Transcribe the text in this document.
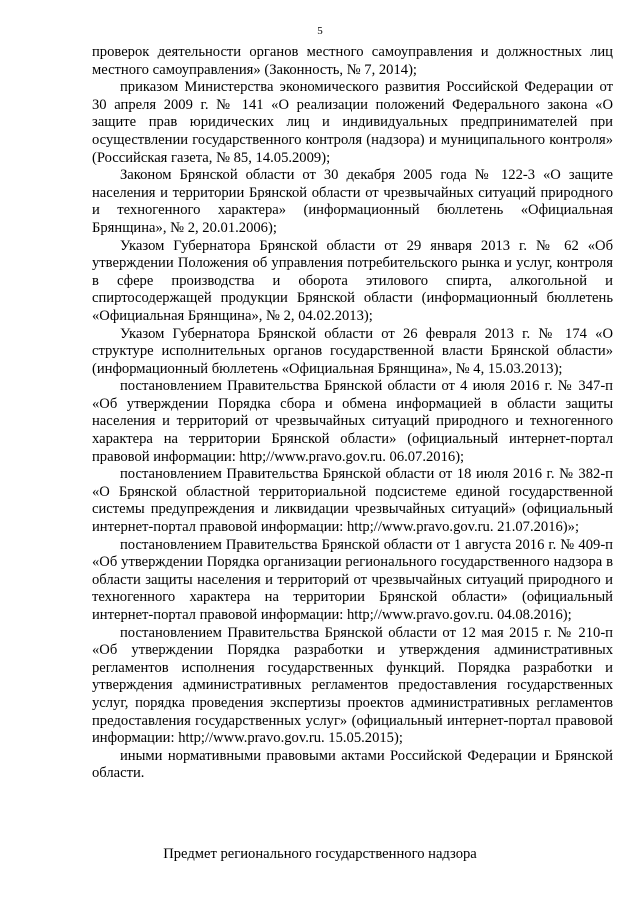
5

проверок деятельности органов местного самоуправления и должностных лиц местного самоуправления» (Законность, № 7, 2014);

приказом Министерства экономического развития Российской Федерации от 30 апреля 2009 г. № 141 «О реализации положений Федерального закона «О защите прав юридических лиц и индивидуальных предпринимателей при осуществлении государственного контроля (надзора) и муниципального контроля» (Российская газета, № 85, 14.05.2009);

Законом Брянской области от 30 декабря 2005 года № 122-3 «О защите населения и территории Брянской области от чрезвычайных ситуаций природного и техногенного характера» (информационный бюллетень «Официальная Брянщина», № 2, 20.01.2006);

Указом Губернатора Брянской области от 29 января 2013 г. № 62 «Об утверждении Положения об управления потребительского рынка и услуг, контроля в сфере производства и оборота этилового спирта, алкогольной и спиртосодержащей продукции Брянской области (информационный бюллетень «Официальная Брянщина», № 2, 04.02.2013);

Указом Губернатора Брянской области от 26 февраля 2013 г. № 174 «О структуре исполнительных органов государственной власти Брянской области» (информационный бюллетень «Официальная Брянщина», № 4, 15.03.2013);

постановлением Правительства Брянской области от 4 июля 2016 г. № 347-п «Об утверждении Порядка сбора и обмена информацией в области защиты населения и территорий от чрезвычайных ситуаций природного и техногенного характера на территории Брянской области» (официальный интернет-портал правовой информации: http;//www.pravo.gov.ru. 06.07.2016);

постановлением Правительства Брянской области от 18 июля 2016 г. № 382-п «О Брянской областной территориальной подсистеме единой государственной системы предупреждения и ликвидации чрезвычайных ситуаций» (официальный интернет-портал правовой информации: http;//www.pravo.gov.ru. 21.07.2016)»;

постановлением Правительства Брянской области от 1 августа 2016 г. № 409-п «Об утверждении Порядка организации регионального государственного надзора в области защиты населения и территорий от чрезвычайных ситуаций природного и техногенного характера на территории Брянской области» (официальный интернет-портал правовой информации: http;//www.pravo.gov.ru. 04.08.2016);

постановлением Правительства Брянской области от 12 мая 2015 г. № 210-п «Об утверждении Порядка разработки и утверждения административных регламентов исполнения государственных функций. Порядка разработки и утверждения административных регламентов предоставления государственных услуг, порядка проведения экспертизы проектов административных регламентов предоставления государственных услуг» (официальный интернет-портал правовой информации: http;//www.pravo.gov.ru. 15.05.2015);

иными нормативными правовыми актами Российской Федерации и Брянской области.

Предмет регионального государственного надзора
